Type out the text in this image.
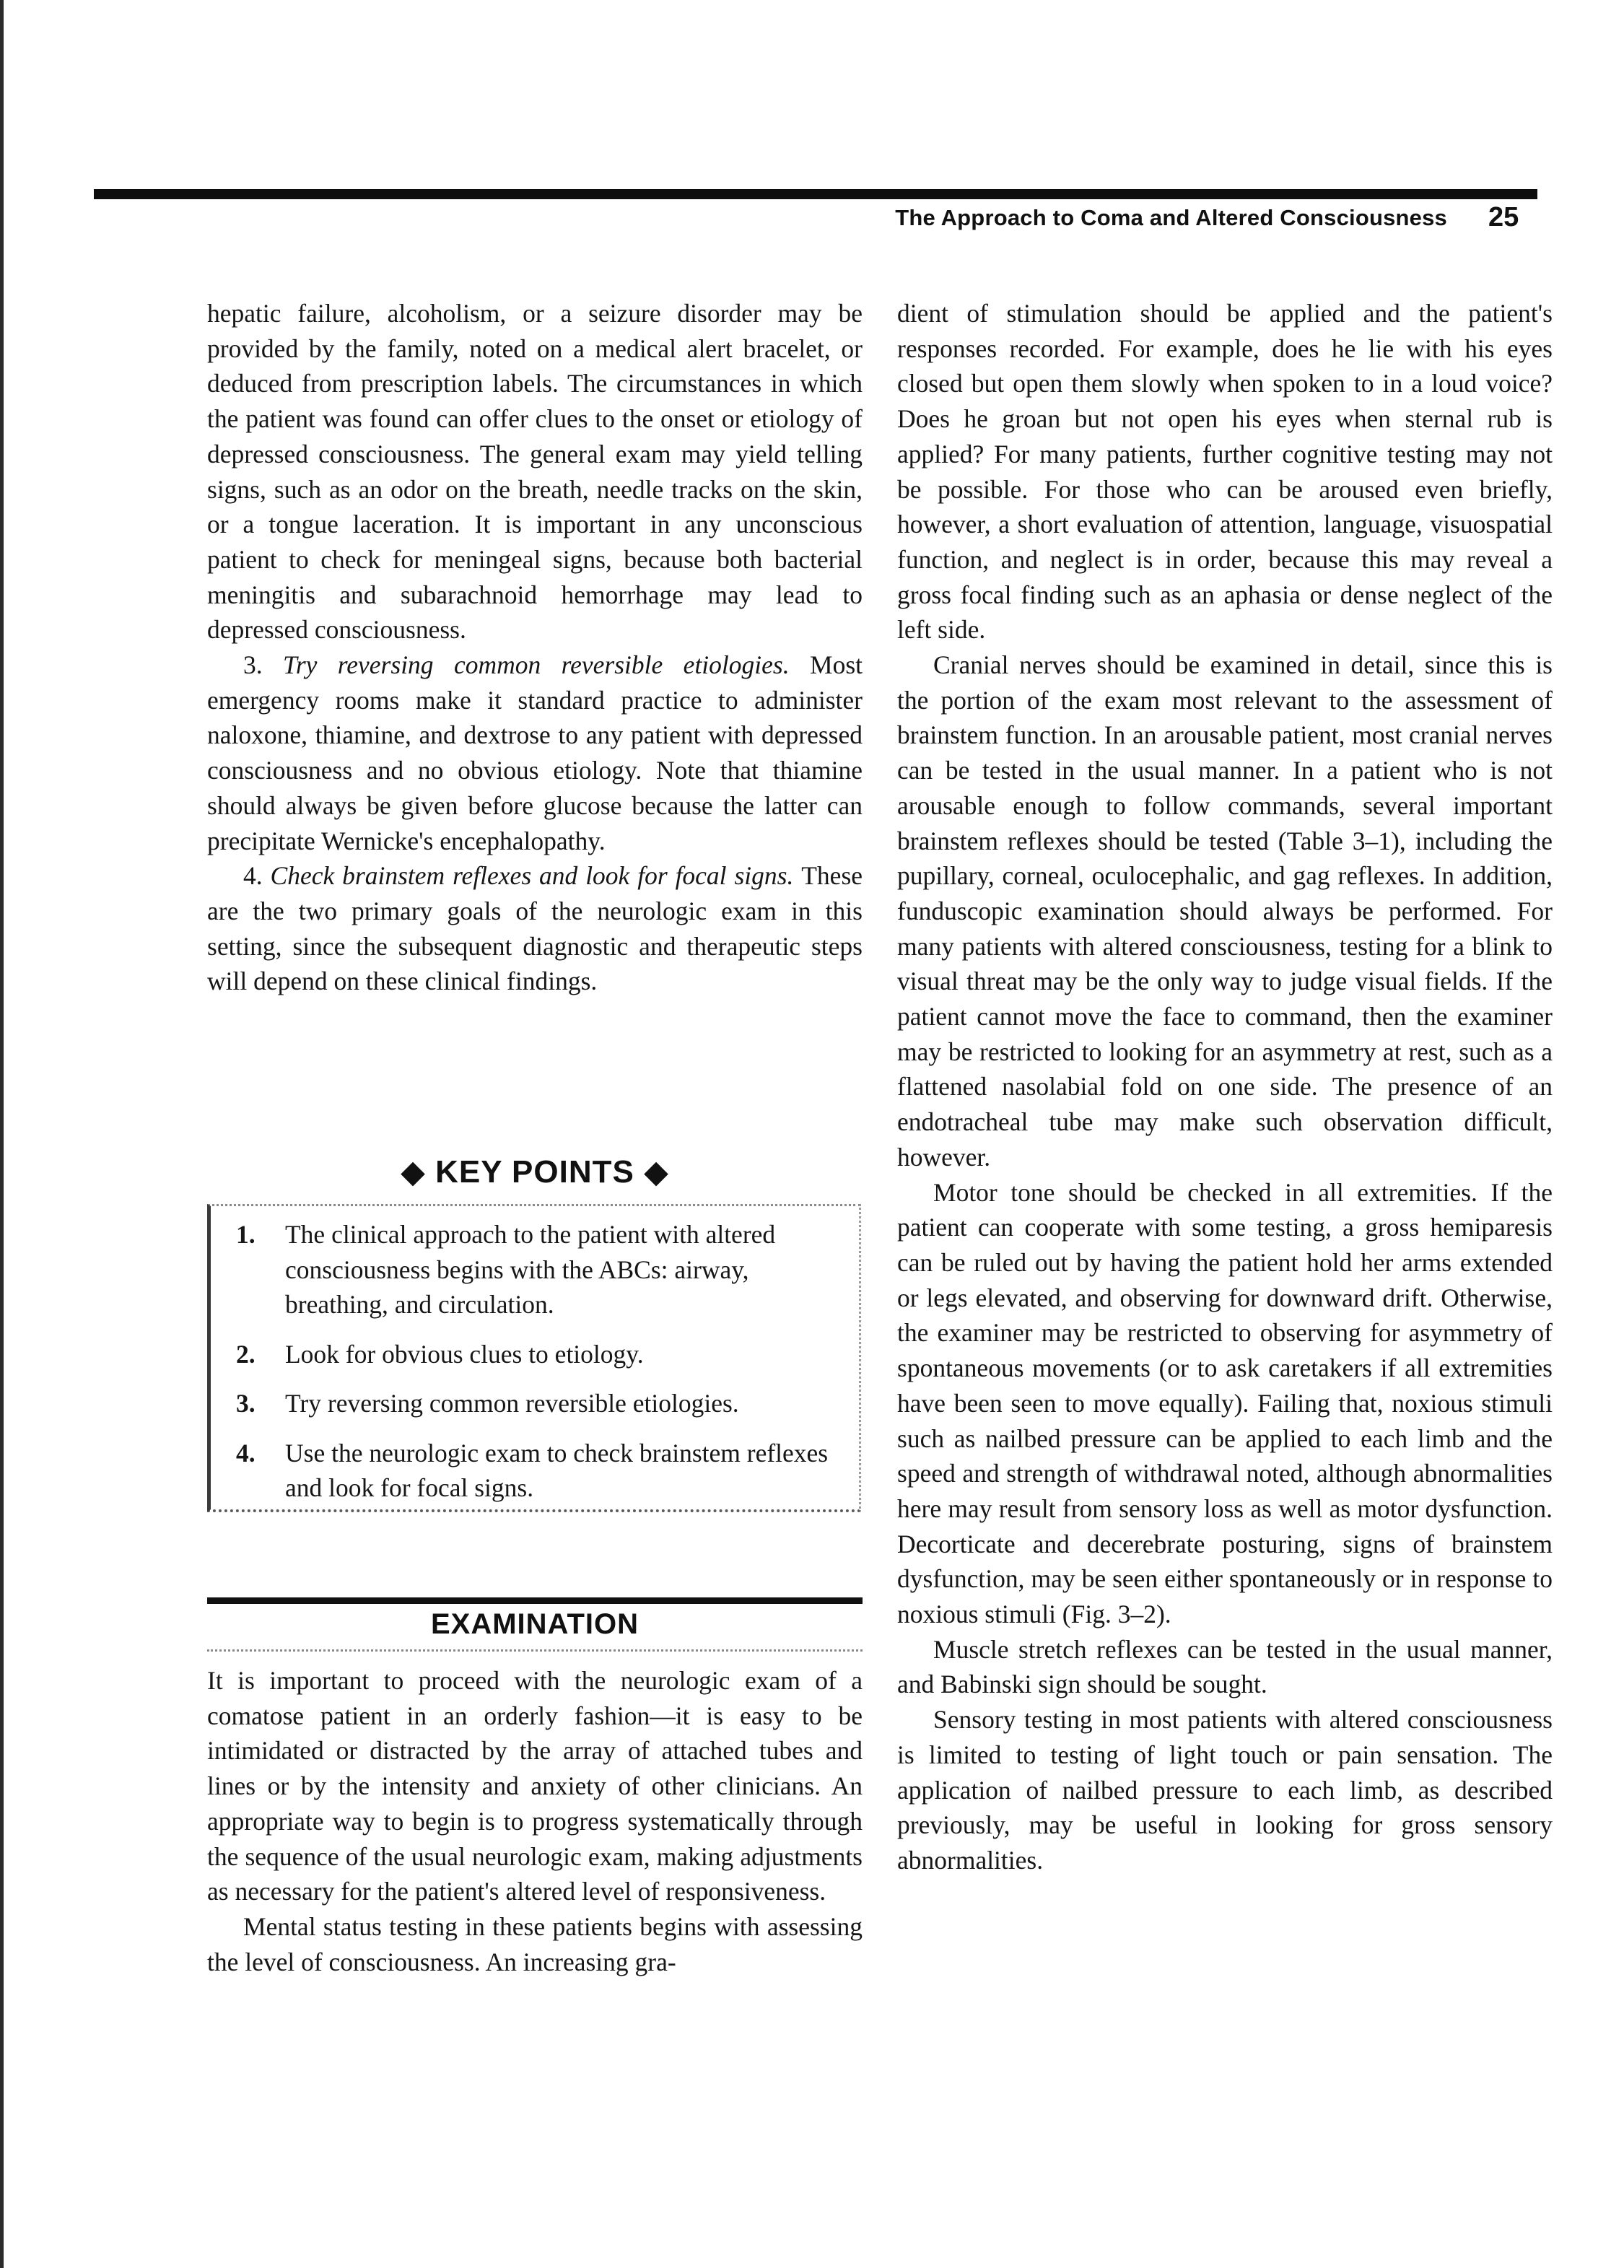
The Approach to Coma and Altered Consciousness 25

hepatic failure, alcoholism, or a seizure disorder may be provided by the family, noted on a medical alert bracelet, or deduced from prescription labels. The circumstances in which the patient was found can offer clues to the onset or etiology of depressed consciousness. The general exam may yield telling signs, such as an odor on the breath, needle tracks on the skin, or a tongue laceration. It is important in any unconscious patient to check for meningeal signs, because both bacterial meningitis and subarachnoid hemorrhage may lead to depressed consciousness.

3. Try reversing common reversible etiologies. Most emergency rooms make it standard practice to administer naloxone, thiamine, and dextrose to any patient with depressed consciousness and no obvious etiology. Note that thiamine should always be given before glucose because the latter can precipitate Wernicke's encephalopathy.

4. Check brainstem reflexes and look for focal signs. These are the two primary goals of the neurologic exam in this setting, since the subsequent diagnostic and therapeutic steps will depend on these clinical findings.

◆ KEY POINTS ◆
1. The clinical approach to the patient with altered consciousness begins with the ABCs: airway, breathing, and circulation.
2. Look for obvious clues to etiology.
3. Try reversing common reversible etiologies.
4. Use the neurologic exam to check brainstem reflexes and look for focal signs.
EXAMINATION

It is important to proceed with the neurologic exam of a comatose patient in an orderly fashion—it is easy to be intimidated or distracted by the array of attached tubes and lines or by the intensity and anxiety of other clinicians. An appropriate way to begin is to progress systematically through the sequence of the usual neurologic exam, making adjustments as necessary for the patient's altered level of responsiveness.

Mental status testing in these patients begins with assessing the level of consciousness. An increasing gra-

dient of stimulation should be applied and the patient's responses recorded. For example, does he lie with his eyes closed but open them slowly when spoken to in a loud voice? Does he groan but not open his eyes when sternal rub is applied? For many patients, further cognitive testing may not be possible. For those who can be aroused even briefly, however, a short evaluation of attention, language, visuospatial function, and neglect is in order, because this may reveal a gross focal finding such as an aphasia or dense neglect of the left side.

Cranial nerves should be examined in detail, since this is the portion of the exam most relevant to the assessment of brainstem function. In an arousable patient, most cranial nerves can be tested in the usual manner. In a patient who is not arousable enough to follow commands, several important brainstem reflexes should be tested (Table 3–1), including the pupillary, corneal, oculocephalic, and gag reflexes. In addition, funduscopic examination should always be performed. For many patients with altered consciousness, testing for a blink to visual threat may be the only way to judge visual fields. If the patient cannot move the face to command, then the examiner may be restricted to looking for an asymmetry at rest, such as a flattened nasolabial fold on one side. The presence of an endotracheal tube may make such observation difficult, however.

Motor tone should be checked in all extremities. If the patient can cooperate with some testing, a gross hemiparesis can be ruled out by having the patient hold her arms extended or legs elevated, and observing for downward drift. Otherwise, the examiner may be restricted to observing for asymmetry of spontaneous movements (or to ask caretakers if all extremities have been seen to move equally). Failing that, noxious stimuli such as nailbed pressure can be applied to each limb and the speed and strength of withdrawal noted, although abnormalities here may result from sensory loss as well as motor dysfunction. Decorticate and decerebrate posturing, signs of brainstem dysfunction, may be seen either spontaneously or in response to noxious stimuli (Fig. 3–2).

Muscle stretch reflexes can be tested in the usual manner, and Babinski sign should be sought.

Sensory testing in most patients with altered consciousness is limited to testing of light touch or pain sensation. The application of nailbed pressure to each limb, as described previously, may be useful in looking for gross sensory abnormalities.
